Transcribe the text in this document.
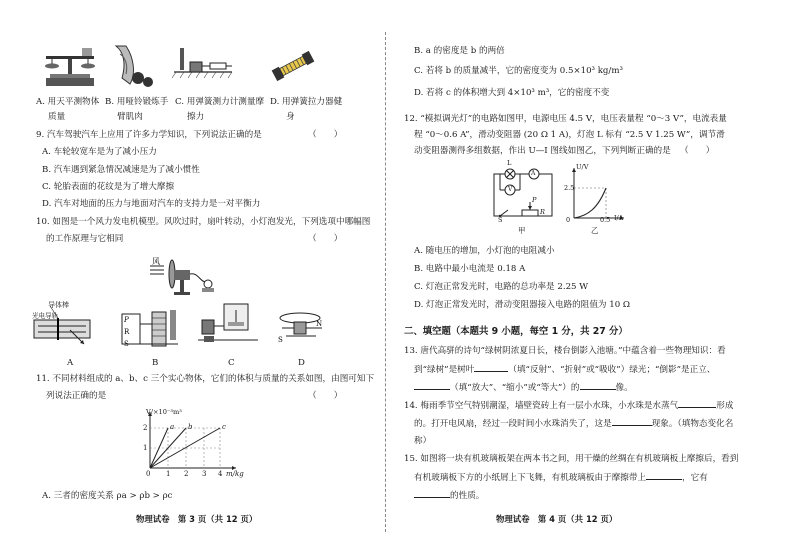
A. 用天平测物体
质量
B. 用哑铃锻炼手
臂肌肉
C. 用弹簧测力计测量摩
擦力
D. 用弹簧拉力器健
身
9. 汽车驾驶汽车上应用了许多力学知识，下列说法正确的是	（　　）
A. 车轮较宽车是为了减小压力
B. 汽车遇到紧急情况减速是为了减小惯性
C. 轮胎表面的花纹是为了增大摩擦
D. 汽车对地面的压力与地面对汽车的支持力是一对平衡力
10. 如图是一个风力发电机模型。风吹过时，扇叶转动，小灯泡发光，下列选项中哪幅图
的工作原理与它相同	（　　）
风
导体棒
光电导轨	P
R
S
N
S
A	B	C	D
11. 不同材料组成的 a、b、c 三个实心物体，它们的体积与质量的关系如图，由图可知下
列说法正确的是	（　　）
V/×10⁻³m³
m/kg
1
2
0 1 2 3 4
a b	c
A. 三者的密度关系 ρa > ρb > ρc
物理试卷　第 3 页（共 12 页）
B. a 的密度是 b 的两倍
C. 若将 b 的质量减半，它的密度变为 0.5×10³ kg/m³
D. 若将 c 的体积增大到 4×10³ m³，它的密度不变
12. “模拟调光灯”的电路如图甲，电源电压 4.5 V，电压表量程 “0～3 V”，电流表量
程 “0～0.6 A”，滑动变阻器 (20 Ω 1 A)，灯泡 L 标有 “2.5 V 1.25 W”，调节滑
动变阻器测得多组数据，作出 U—I 图线如图乙，下列判断正确的是 （　　）
L
A
V
P
R
S
U/V
2.5
0	0.5 I/A
甲	乙
A. 随电压的增加，小灯泡的电阻减小
B. 电路中最小电流是 0.18 A
C. 灯泡正常发光时，电路的总功率是 2.25 W
D. 灯泡正常发光时，滑动变阻器接入电路的阻值为 10 Ω
二、填空题（本题共 9 小题，每空 1 分，共 27 分）
13. 唐代高骈的诗句“绿树阴浓夏日长，楼台倒影入池塘。”中蕴含着一些物理知识：看
到“绿树”是树叶	（填“反射”、“折射”或“吸收”）绿光；“倒影”是正立、
（填“放大”、“缩小”或“等大”）的	像。
14. 梅雨季节空气特别潮湿，墙壁瓷砖上有一层小水珠，小水珠是水蒸气	形成
的。打开电风扇，经过一段时间小水珠消失了，这是	现象。（填物态变化名
称）
15. 如图将一块有机玻璃板架在两本书之间，用干燥的丝绸在有机玻璃板上摩擦后，看到
有机玻璃板下方的小纸屑上下飞舞，有机玻璃板由于摩擦带上	，它有
的性质。
物理试卷　第 4 页（共 12 页）
